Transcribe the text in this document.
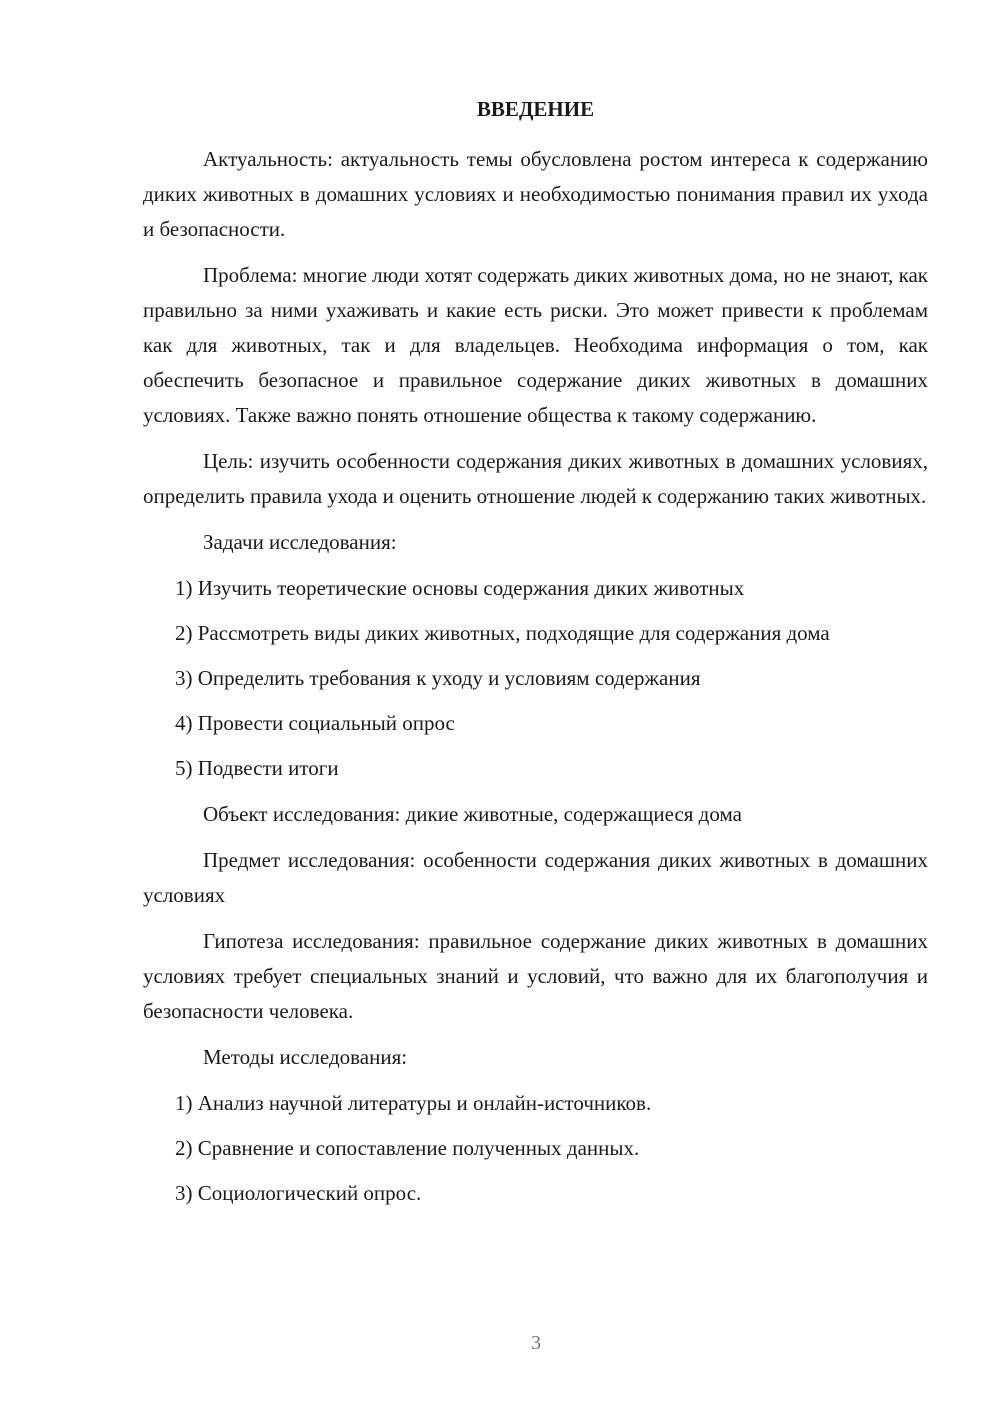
ВВЕДЕНИЕ

Актуальность: актуальность темы обусловлена ростом интереса к содержанию диких животных в домашних условиях и необходимостью понимания правил их ухода и безопасности.

Проблема: многие люди хотят содержать диких животных дома, но не знают, как правильно за ними ухаживать и какие есть риски. Это может привести к проблемам как для животных, так и для владельцев. Необходима информация о том, как обеспечить безопасное и правильное содержание диких животных в домашних условиях. Также важно понять отношение общества к такому содержанию.

Цель: изучить особенности содержания диких животных в домашних условиях, определить правила ухода и оценить отношение людей к содержанию таких животных.

Задачи исследования:

1) Изучить теоретические основы содержания диких животных

2) Рассмотреть виды диких животных, подходящие для содержания дома

3) Определить требования к уходу и условиям содержания

4) Провести социальный опрос

5) Подвести итоги

Объект исследования: дикие животные, содержащиеся дома

Предмет исследования: особенности содержания диких животных в домашних условиях

Гипотеза исследования: правильное содержание диких животных в домашних условиях требует специальных знаний и условий, что важно для их благополучия и безопасности человека.

Методы исследования:

1) Анализ научной литературы и онлайн-источников.

2) Сравнение и сопоставление полученных данных.

3) Социологический опрос.

3
